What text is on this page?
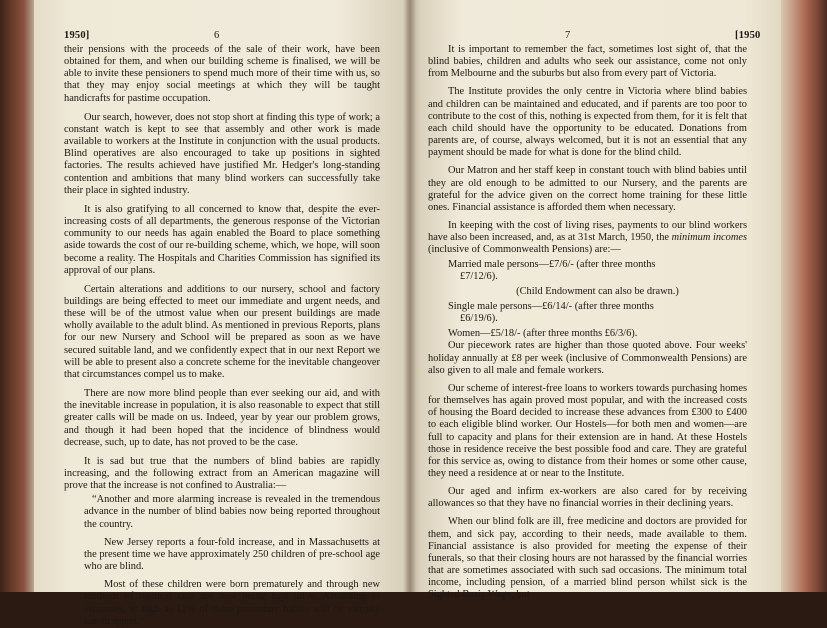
1950]	6

their pensions with the proceeds of the sale of their work, have been obtained for them, and when our building scheme is finalised, we will be able to invite these pensioners to spend much more of their time with us, so that they may enjoy social meetings at which they will be taught handicrafts for pastime occupation.

Our search, however, does not stop short at finding this type of work; a constant watch is kept to see that assembly and other work is made available to workers at the Institute in conjunction with the usual products. Blind operatives are also encouraged to take up positions in sighted factories. The results achieved have justified Mr. Hedger's long-standing contention and ambitions that many blind workers can successfully take their place in sighted industry.

It is also gratifying to all concerned to know that, despite the ever-increasing costs of all departments, the generous response of the Victorian community to our needs has again enabled the Board to place something aside towards the cost of our re-building scheme, which, we hope, will soon become a reality. The Hospitals and Charities Commission has signified its approval of our plans.

Certain alterations and additions to our nursery, school and factory buildings are being effected to meet our immediate and urgent needs, and these will be of the utmost value when our present buildings are made wholly available to the adult blind. As mentioned in previous Reports, plans for our new Nursery and School will be prepared as soon as we have secured suitable land, and we confidently expect that in our next Report we will be able to present also a concrete scheme for the inevitable changeover that circumstances compel us to make.

There are now more blind people than ever seeking our aid, and with the inevitable increase in population, it is also reasonable to expect that still greater calls will be made on us. Indeed, year by year our problem grows, and though it had been hoped that the incidence of blindness would decrease, such, up to date, has not proved to be the case.

It is sad but true that the numbers of blind babies are rapidly increasing, and the following extract from an American magazine will prove that the increase is not confined to Australia:—

“Another and more alarming increase is revealed in the tremendous advance in the number of blind babies now being reported throughout the country.

New Jersey reports a four-fold increase, and in Massachusetts at the present time we have approximately 250 children of pre-school age who are blind.

Most of these children were born prematurely and through new methods of medical care are now being kept alive. According to estimates, as high as 12% of these premature babies will be visually handicapped.”

7	[1950

It is important to remember the fact, sometimes lost sight of, that the blind babies, children and adults who seek our assistance, come not only from Melbourne and the suburbs but also from every part of Victoria.

The Institute provides the only centre in Victoria where blind babies and children can be maintained and educated, and if parents are too poor to contribute to the cost of this, nothing is expected from them, for it is felt that each child should have the opportunity to be educated. Donations from parents are, of course, always welcomed, but it is not an essential that any payment should be made for what is done for the blind child.

Our Matron and her staff keep in constant touch with blind babies until they are old enough to be admitted to our Nursery, and the parents are grateful for the advice given on the correct home training for these little ones. Financial assistance is afforded them when necessary.

In keeping with the cost of living rises, payments to our blind workers have also been increased, and, as at 31st March, 1950, the minimum incomes (inclusive of Commonwealth Pensions) are:—

Married male persons—£7/6/- (after three months
£7/12/6).
(Child Endowment can also be drawn.)
Single male persons—£6/14/- (after three months
£6/19/6).
Women—£5/18/- (after three months £6/3/6).

Our piecework rates are higher than those quoted above. Four weeks' holiday annually at £8 per week (inclusive of Commonwealth Pensions) are also given to all male and female workers.

Our scheme of interest-free loans to workers towards purchasing homes for themselves has again proved most popular, and with the increased costs of housing the Board decided to increase these advances from £300 to £400 to each eligible blind worker. Our Hostels—for both men and women—are full to capacity and plans for their extension are in hand. At these Hostels those in residence receive the best possible food and care. They are grateful for this service as, owing to distance from their homes or some other cause, they need a residence at or near to the Institute.

Our aged and infirm ex-workers are also cared for by receiving allowances so that they have no financial worries in their declining years.

When our blind folk are ill, free medicine and doctors are provided for them, and sick pay, according to their needs, made available to them. Financial assistance is also provided for meeting the expense of their funerals, so that their closing hours are not harassed by the financial worries that are sometimes associated with such sad occasions. The minimum total income, including pension, of a married blind person whilst sick is the Sighted Basic Wage, but
